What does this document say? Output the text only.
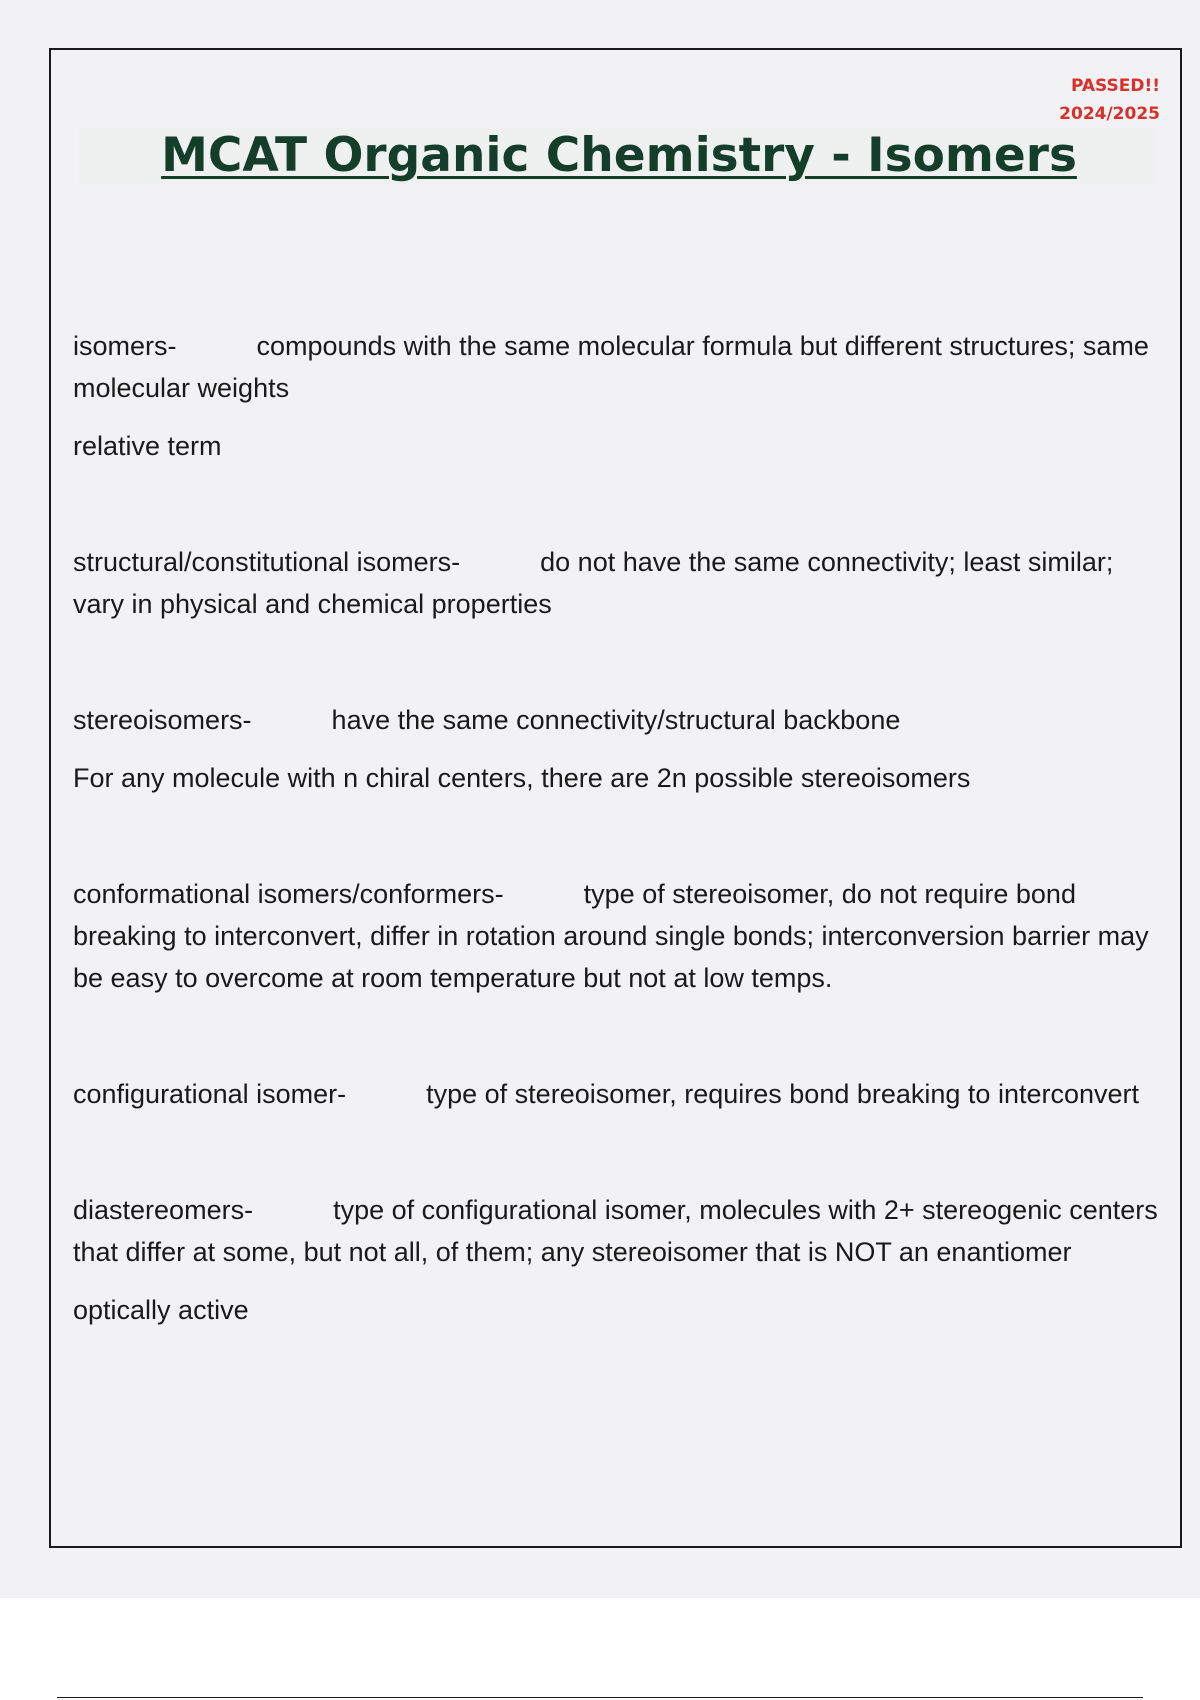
PASSED!!
2024/2025
MCAT Organic Chemistry - Isomers

isomers-	compounds with the same molecular formula but different structures; same molecular weights

relative term

structural/constitutional isomers-	do not have the same connectivity; least similar; vary in physical and chemical properties

stereoisomers-	have the same connectivity/structural backbone

For any molecule with n chiral centers, there are 2n possible stereoisomers

conformational isomers/conformers-	type of stereoisomer, do not require bond breaking to interconvert, differ in rotation around single bonds; interconversion barrier may be easy to overcome at room temperature but not at low temps.

configurational isomer-	type of stereoisomer, requires bond breaking to interconvert

diastereomers-	type of configurational isomer, molecules with 2+ stereogenic centers that differ at some, but not all, of them; any stereoisomer that is NOT an enantiomer

optically active
